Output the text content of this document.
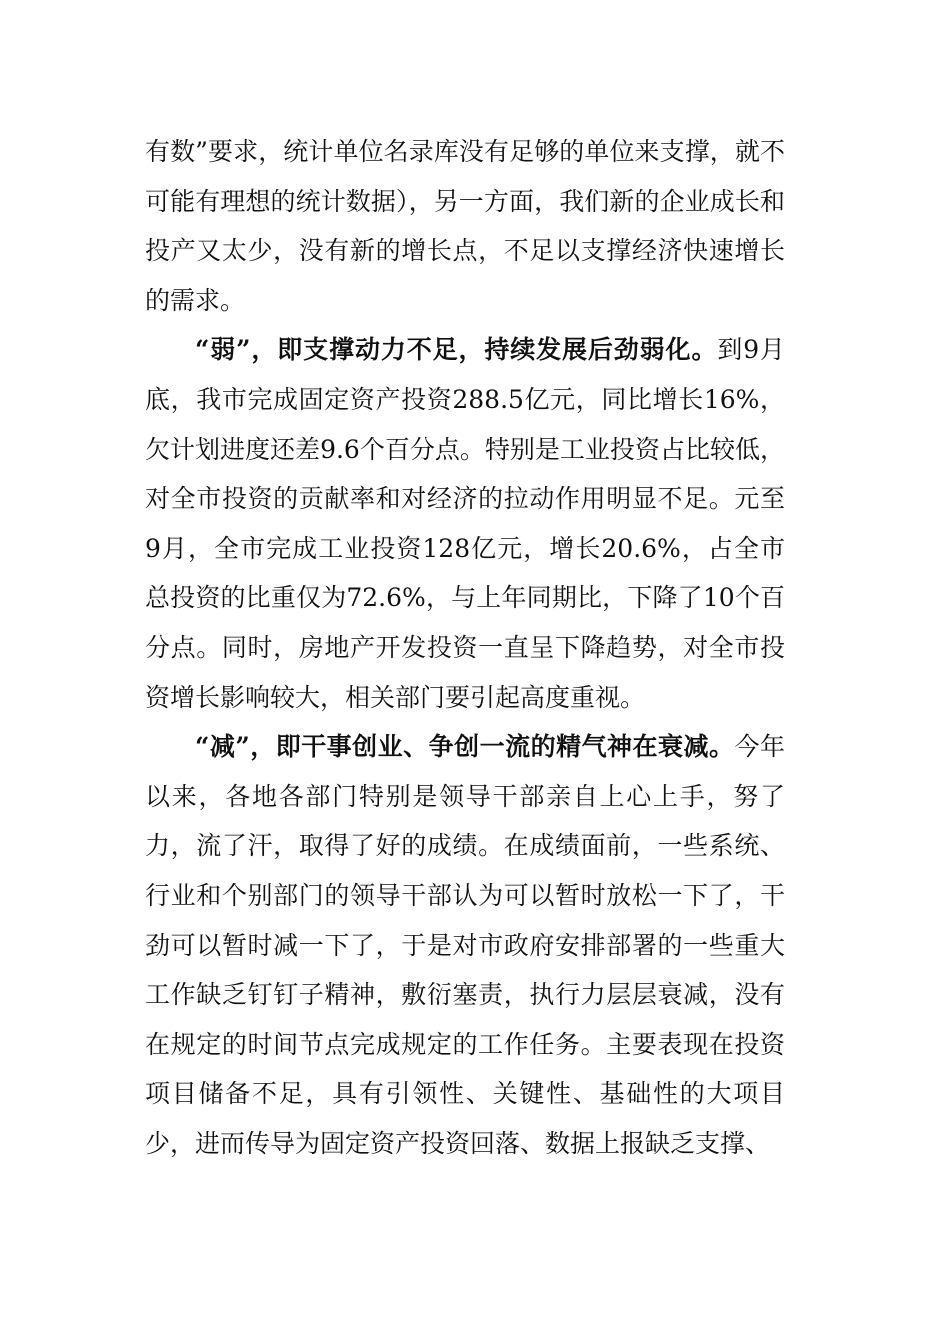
有数”要求，统计单位名录库没有足够的单位来支撑，就不可能有理想的统计数据），另一方面，我们新的企业成长和投产又太少，没有新的增长点，不足以支撑经济快速增长的需求。

“弱”，即支撑动力不足，持续发展后劲弱化。到9月底，我市完成固定资产投资288.5亿元，同比增长16%，欠计划进度还差9.6个百分点。特别是工业投资占比较低，对全市投资的贡献率和对经济的拉动作用明显不足。元至9月，全市完成工业投资128亿元，增长20.6%，占全市总投资的比重仅为72.6%，与上年同期比，下降了10个百分点。同时，房地产开发投资一直呈下降趋势，对全市投资增长影响较大，相关部门要引起高度重视。

“减”，即干事创业、争创一流的精气神在衰减。今年以来，各地各部门特别是领导干部亲自上心上手，努了力，流了汗，取得了好的成绩。在成绩面前，一些系统、行业和个别部门的领导干部认为可以暂时放松一下了，干劲可以暂时减一下了，于是对市政府安排部署的一些重大工作缺乏钉钉子精神，敷衍塞责，执行力层层衰减，没有在规定的时间节点完成规定的工作任务。主要表现在投资项目储备不足，具有引领性、关键性、基础性的大项目少，进而传导为固定资产投资回落、数据上报缺乏支撑、
